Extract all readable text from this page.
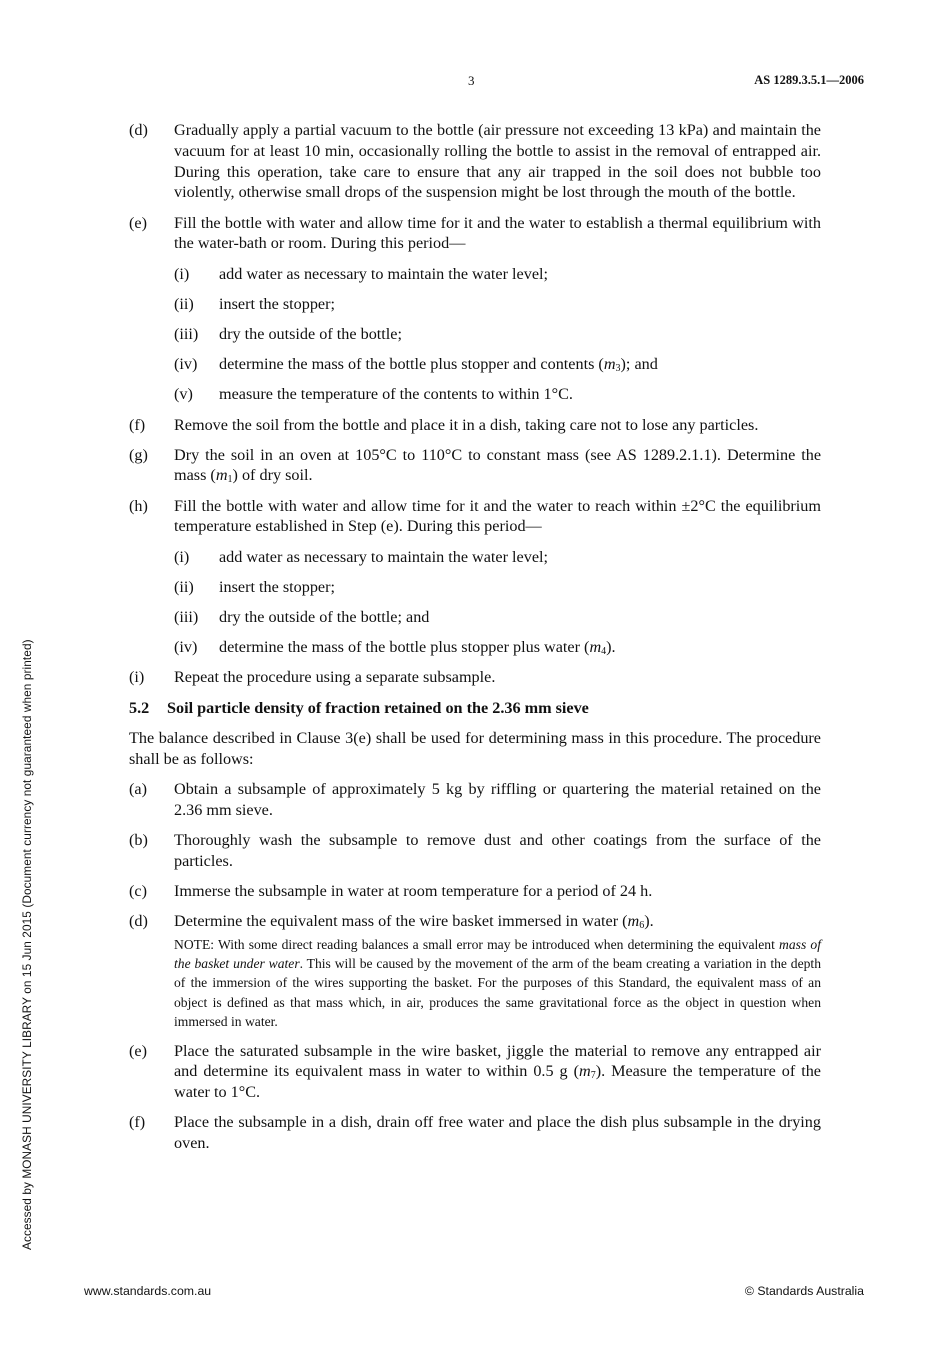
3	AS 1289.3.5.1—2006
Accessed by MONASH UNIVERSITY LIBRARY on 15 Jun 2015 (Document currency not guaranteed when printed)
(d)	Gradually apply a partial vacuum to the bottle (air pressure not exceeding 13 kPa) and maintain the vacuum for at least 10 min, occasionally rolling the bottle to assist in the removal of entrapped air. During this operation, take care to ensure that any air trapped in the soil does not bubble too violently, otherwise small drops of the suspension might be lost through the mouth of the bottle.
(e)	Fill the bottle with water and allow time for it and the water to establish a thermal equilibrium with the water-bath or room. During this period—
(i)	add water as necessary to maintain the water level;
(ii)	insert the stopper;
(iii)	dry the outside of the bottle;
(iv)	determine the mass of the bottle plus stopper and contents $(m_3)$; and
(v)	measure the temperature of the contents to within 1°C.
(f)	Remove the soil from the bottle and place it in a dish, taking care not to lose any particles.
(g)	Dry the soil in an oven at 105°C to 110°C to constant mass (see AS 1289.2.1.1). Determine the mass $(m_1)$ of dry soil.
(h)	Fill the bottle with water and allow time for it and the water to reach within ±2°C the equilibrium temperature established in Step (e). During this period—
(i)	add water as necessary to maintain the water level;
(ii)	insert the stopper;
(iii)	dry the outside of the bottle; and
(iv)	determine the mass of the bottle plus stopper plus water $(m_4)$.
(i)	Repeat the procedure using a separate subsample.
5.2	Soil particle density of fraction retained on the 2.36 mm sieve
The balance described in Clause 3(e) shall be used for determining mass in this procedure. The procedure shall be as follows:
(a)	Obtain a subsample of approximately 5 kg by riffling or quartering the material retained on the 2.36 mm sieve.
(b)	Thoroughly wash the subsample to remove dust and other coatings from the surface of the particles.
(c)	Immerse the subsample in water at room temperature for a period of 24 h.
(d)	Determine the equivalent mass of the wire basket immersed in water $(m_6)$.
NOTE: With some direct reading balances a small error may be introduced when determining the equivalent mass of the basket under water. This will be caused by the movement of the arm of the beam creating a variation in the depth of the immersion of the wires supporting the basket. For the purposes of this Standard, the equivalent mass of an object is defined as that mass which, in air, produces the same gravitational force as the object in question when immersed in water.
(e)	Place the saturated subsample in the wire basket, jiggle the material to remove any entrapped air and determine its equivalent mass in water to within 0.5 g $(m_7)$. Measure the temperature of the water to 1°C.
(f)	Place the subsample in a dish, drain off free water and place the dish plus subsample in the drying oven.
www.standards.com.au	© Standards Australia
